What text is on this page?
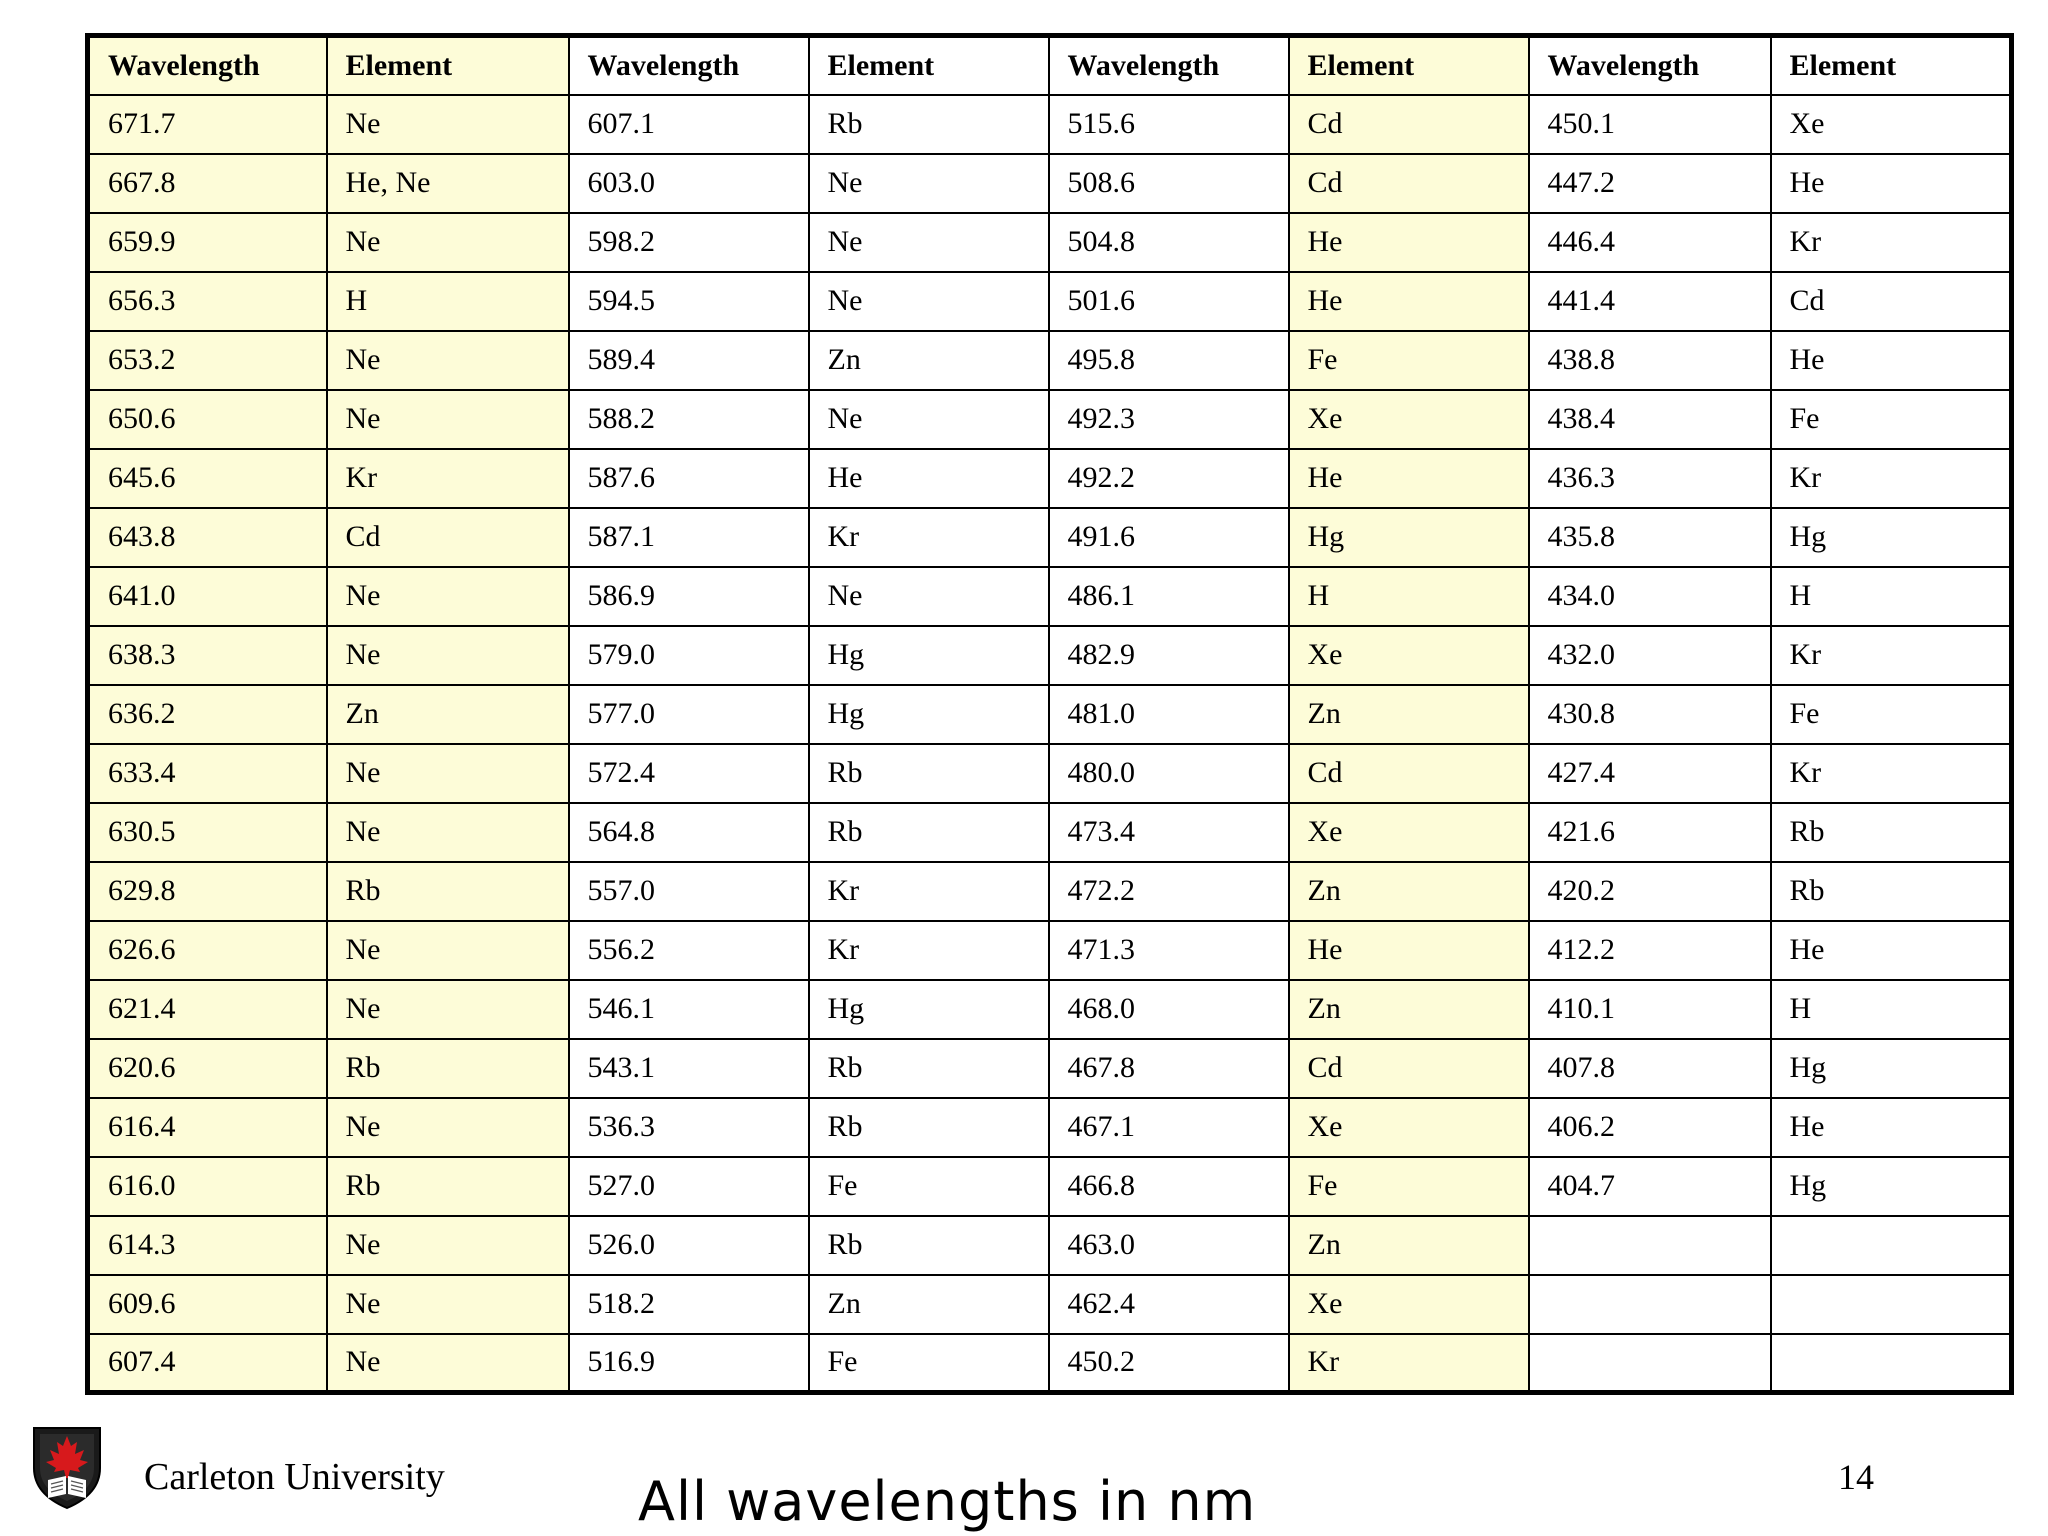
Wavelength	Element	Wavelength	Element	Wavelength	Element	Wavelength	Element
671.7	Ne	607.1	Rb	515.6	Cd	450.1	Xe
667.8	He, Ne	603.0	Ne	508.6	Cd	447.2	He
659.9	Ne	598.2	Ne	504.8	He	446.4	Kr
656.3	H	594.5	Ne	501.6	He	441.4	Cd
653.2	Ne	589.4	Zn	495.8	Fe	438.8	He
650.6	Ne	588.2	Ne	492.3	Xe	438.4	Fe
645.6	Kr	587.6	He	492.2	He	436.3	Kr
643.8	Cd	587.1	Kr	491.6	Hg	435.8	Hg
641.0	Ne	586.9	Ne	486.1	H	434.0	H
638.3	Ne	579.0	Hg	482.9	Xe	432.0	Kr
636.2	Zn	577.0	Hg	481.0	Zn	430.8	Fe
633.4	Ne	572.4	Rb	480.0	Cd	427.4	Kr
630.5	Ne	564.8	Rb	473.4	Xe	421.6	Rb
629.8	Rb	557.0	Kr	472.2	Zn	420.2	Rb
626.6	Ne	556.2	Kr	471.3	He	412.2	He
621.4	Ne	546.1	Hg	468.0	Zn	410.1	H
620.6	Rb	543.1	Rb	467.8	Cd	407.8	Hg
616.4	Ne	536.3	Rb	467.1	Xe	406.2	He
616.0	Rb	527.0	Fe	466.8	Fe	404.7	Hg
614.3	Ne	526.0	Rb	463.0	Zn		
609.6	Ne	518.2	Zn	462.4	Xe		
607.4	Ne	516.9	Fe	450.2	Kr		
Carleton University	All wavelengths in nm	14
